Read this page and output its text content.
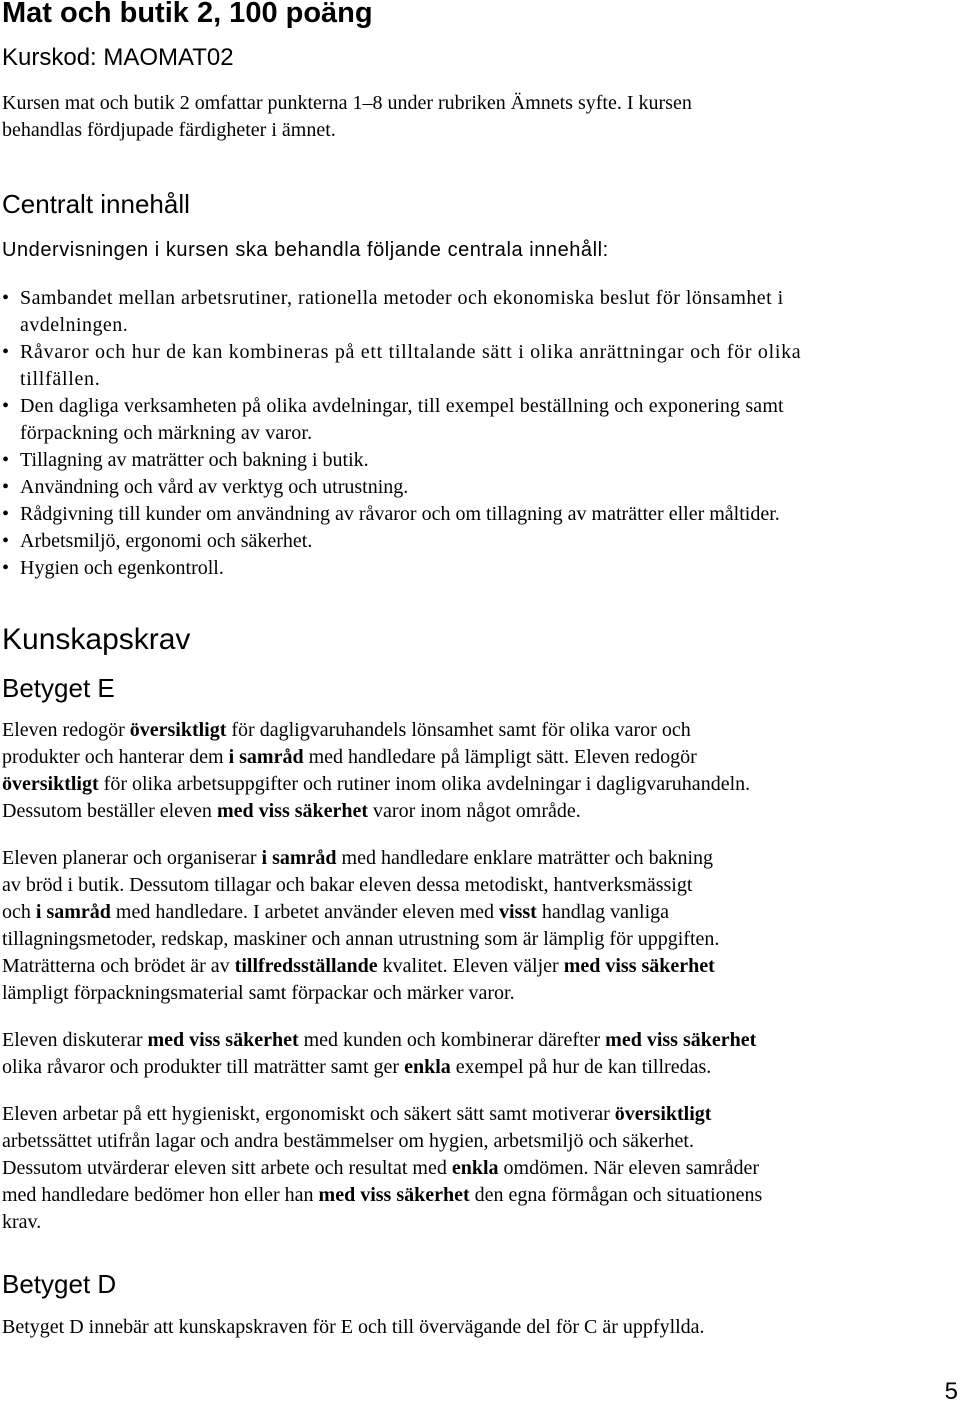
Mat och butik 2, 100 poäng
Kurskod: MAOMAT02
Kursen mat och butik 2 omfattar punkterna 1–8 under rubriken Ämnets syfte. I kursen
behandlas fördjupade färdigheter i ämnet.
Centralt innehåll
Undervisningen i kursen ska behandla följande centrala innehåll:
• Sambandet mellan arbetsrutiner, rationella metoder och ekonomiska beslut för lönsamhet i
avdelningen.
• Råvaror och hur de kan kombineras på ett tilltalande sätt i olika anrättningar och för olika
tillfällen.
• Den dagliga verksamheten på olika avdelningar, till exempel beställning och exponering samt
förpackning och märkning av varor.
• Tillagning av maträtter och bakning i butik.
• Användning och vård av verktyg och utrustning.
• Rådgivning till kunder om användning av råvaror och om tillagning av maträtter eller måltider.
• Arbetsmiljö, ergonomi och säkerhet.
• Hygien och egenkontroll.
Kunskapskrav
Betyget E
Eleven redogör översiktligt för dagligvaruhandels lönsamhet samt för olika varor och
produkter och hanterar dem i samråd med handledare på lämpligt sätt. Eleven redogör
översiktligt för olika arbetsuppgifter och rutiner inom olika avdelningar i dagligvaruhandeln.
Dessutom beställer eleven med viss säkerhet varor inom något område.
Eleven planerar och organiserar i samråd med handledare enklare maträtter och bakning
av bröd i butik. Dessutom tillagar och bakar eleven dessa metodiskt, hantverksmässigt
och i samråd med handledare. I arbetet använder eleven med visst handlag vanliga
tillagningsmetoder, redskap, maskiner och annan utrustning som är lämplig för uppgiften.
Maträtterna och brödet är av tillfredsställande kvalitet. Eleven väljer med viss säkerhet
lämpligt förpackningsmaterial samt förpackar och märker varor.
Eleven diskuterar med viss säkerhet med kunden och kombinerar därefter med viss säkerhet
olika råvaror och produkter till maträtter samt ger enkla exempel på hur de kan tillredas.
Eleven arbetar på ett hygieniskt, ergonomiskt och säkert sätt samt motiverar översiktligt
arbetssättet utifrån lagar och andra bestämmelser om hygien, arbetsmiljö och säkerhet.
Dessutom utvärderar eleven sitt arbete och resultat med enkla omdömen. När eleven samråder
med handledare bedömer hon eller han med viss säkerhet den egna förmågan och situationens
krav.
Betyget D
Betyget D innebär att kunskapskraven för E och till övervägande del för C är uppfyllda.
5
